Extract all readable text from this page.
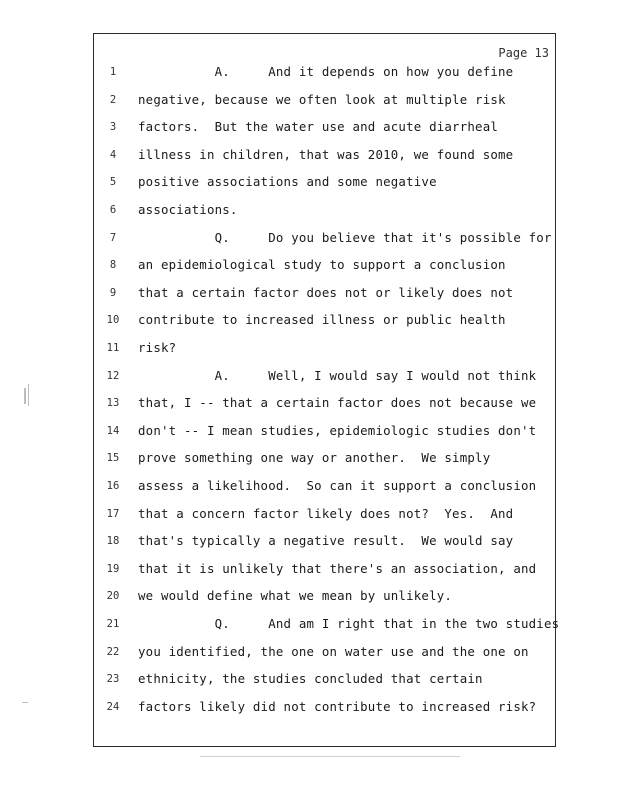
Page 13
1	A.     And it depends on how you define
2	negative, because we often look at multiple risk
3	factors.  But the water use and acute diarrheal
4	illness in children, that was 2010, we found some
5	positive associations and some negative
6	associations.
7	Q.     Do you believe that it's possible for
8	an epidemiological study to support a conclusion
9	that a certain factor does not or likely does not
10	contribute to increased illness or public health
11	risk?
12	A.     Well, I would say I would not think
13	that, I -- that a certain factor does not because we
14	don't -- I mean studies, epidemiologic studies don't
15	prove something one way or another.  We simply
16	assess a likelihood.  So can it support a conclusion
17	that a concern factor likely does not?  Yes.  And
18	that's typically a negative result.  We would say
19	that it is unlikely that there's an association, and
20	we would define what we mean by unlikely.
21	Q.     And am I right that in the two studies
22	you identified, the one on water use and the one on
23	ethnicity, the studies concluded that certain
24	factors likely did not contribute to increased risk?
